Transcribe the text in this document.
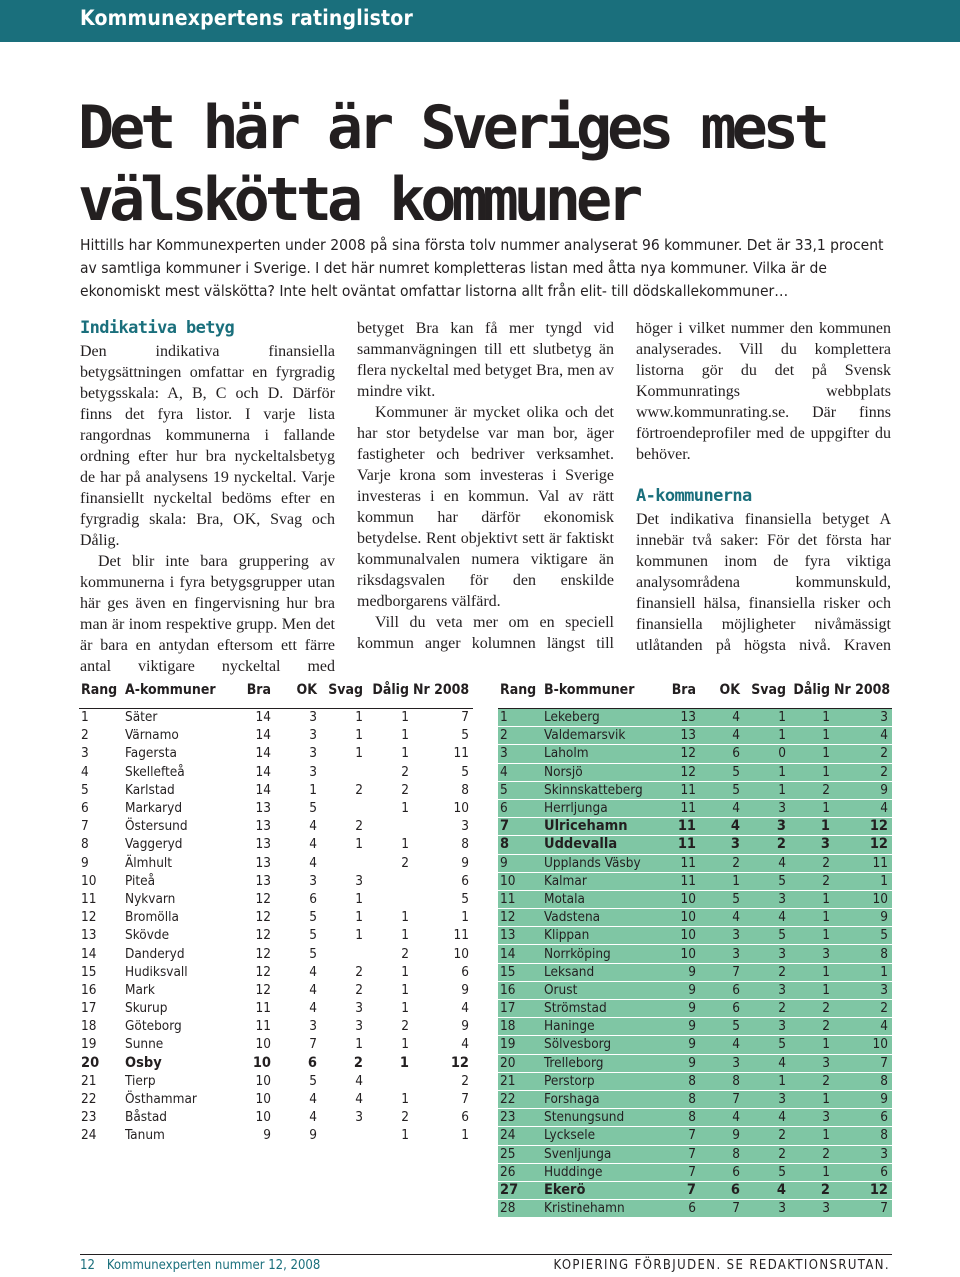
Kommunexpertens ratinglistor
Det här är Sveriges mest
välskötta kommuner

Hittills har Kommunexperten under 2008 på sina första tolv nummer analyserat 96 kommuner. Det är 33,1 procent av samtliga kommuner i Sverige. I det här numret kompletteras listan med åtta nya kommuner. Vilka är de ekonomiskt mest välskötta? Inte helt oväntat omfattar listorna allt från elit- till dödskallekommuner…

Indikativa betyg

Den indikativa finansiella betygsättningen omfattar en fyrgradig betygsskala: A, B, C och D. Därför finns det fyra listor. I varje lista rangordnas kommunerna i fallande ordning efter hur bra nyckeltalsbetyg de har på analysens 19 nyckeltal. Varje finansiellt nyckeltal bedöms efter en fyrgradig skala: Bra, OK, Svag och Dålig.

Det blir inte bara gruppering av kommunerna i fyra betygsgrupper utan här ges även en fingervisning hur bra man är inom respektive grupp. Men det är bara en antydan eftersom ett färre antal viktigare nyckeltal med

betyget Bra kan få mer tyngd vid sammanvägningen till ett slutbetyg än flera nyckeltal med betyget Bra, men av mindre vikt.

Kommuner är mycket olika och det har stor betydelse var man bor, äger fastigheter och bedriver verksamhet. Varje krona som investeras i Sverige investeras i en kommun. Val av rätt kommun har därför ekonomisk betydelse. Rent objektivt sett är faktiskt kommunalvalen numera viktigare än riksdagsvalen för den enskilde medborgarens välfärd.

Vill du veta mer om en speciell kommun anger kolumnen längst till

höger i vilket nummer den kommunen analyserades. Vill du komplettera listorna gör du det på Svensk Kommunratings webbplats www.kommunrating.se. Där finns förtroendeprofiler med de uppgifter du behöver.

A-kommunerna

Det indikativa finansiella betyget A innebär två saker: För det första har kommunen inom de fyra viktiga analysområdena kommunskuld, finansiell hälsa, finansiella risker och finansiella möjligheter nivåmässigt utlåtanden på högsta nivå. Kraven

Rang	A-kommuner	Bra	OK	Svag	Dålig	Nr 2008
1	Säter	14	3	1	1	7
2	Värnamo	14	3	1	1	5
3	Fagersta	14	3	1	1	11
4	Skellefteå	14	3		2	5
5	Karlstad	14	1	2	2	8
6	Markaryd	13	5		1	10
7	Östersund	13	4	2		3
8	Vaggeryd	13	4	1	1	8
9	Älmhult	13	4		2	9
10	Piteå	13	3	3		6
11	Nykvarn	12	6	1		5
12	Bromölla	12	5	1	1	1
13	Skövde	12	5	1	1	11
14	Danderyd	12	5		2	10
15	Hudiksvall	12	4	2	1	6
16	Mark	12	4	2	1	9
17	Skurup	11	4	3	1	4
18	Göteborg	11	3	3	2	9
19	Sunne	10	7	1	1	4
20	Osby	10	6	2	1	12
21	Tierp	10	5	4		2
22	Östhammar	10	4	4	1	7
23	Båstad	10	4	3	2	6
24	Tanum	9	9		1	1
Rang	B-kommuner	Bra	OK	Svag	Dålig	Nr 2008
1	Lekeberg	13	4	1	1	3
2	Valdemarsvik	13	4	1	1	4
3	Laholm	12	6	0	1	2
4	Norsjö	12	5	1	1	2
5	Skinnskatteberg	11	5	1	2	9
6	Herrljunga	11	4	3	1	4
7	Ulricehamn	11	4	3	1	12
8	Uddevalla	11	3	2	3	12
9	Upplands Väsby	11	2	4	2	11
10	Kalmar	11	1	5	2	1
11	Motala	10	5	3	1	10
12	Vadstena	10	4	4	1	9
13	Klippan	10	3	5	1	5
14	Norrköping	10	3	3	3	8
15	Leksand	9	7	2	1	1
16	Orust	9	6	3	1	3
17	Strömstad	9	6	2	2	2
18	Haninge	9	5	3	2	4
19	Sölvesborg	9	4	5	1	10
20	Trelleborg	9	3	4	3	7
21	Perstorp	8	8	1	2	8
22	Forshaga	8	7	3	1	9
23	Stenungsund	8	4	4	3	6
24	Lycksele	7	9	2	1	8
25	Svenljunga	7	8	2	2	3
26	Huddinge	7	6	5	1	6
27	Ekerö	7	6	4	2	12
28	Kristinehamn	6	7	3	3	7
12 Kommunexperten nummer 12, 2008	KOPIERING FÖRBJUDEN. SE REDAKTIONSRUTAN.
